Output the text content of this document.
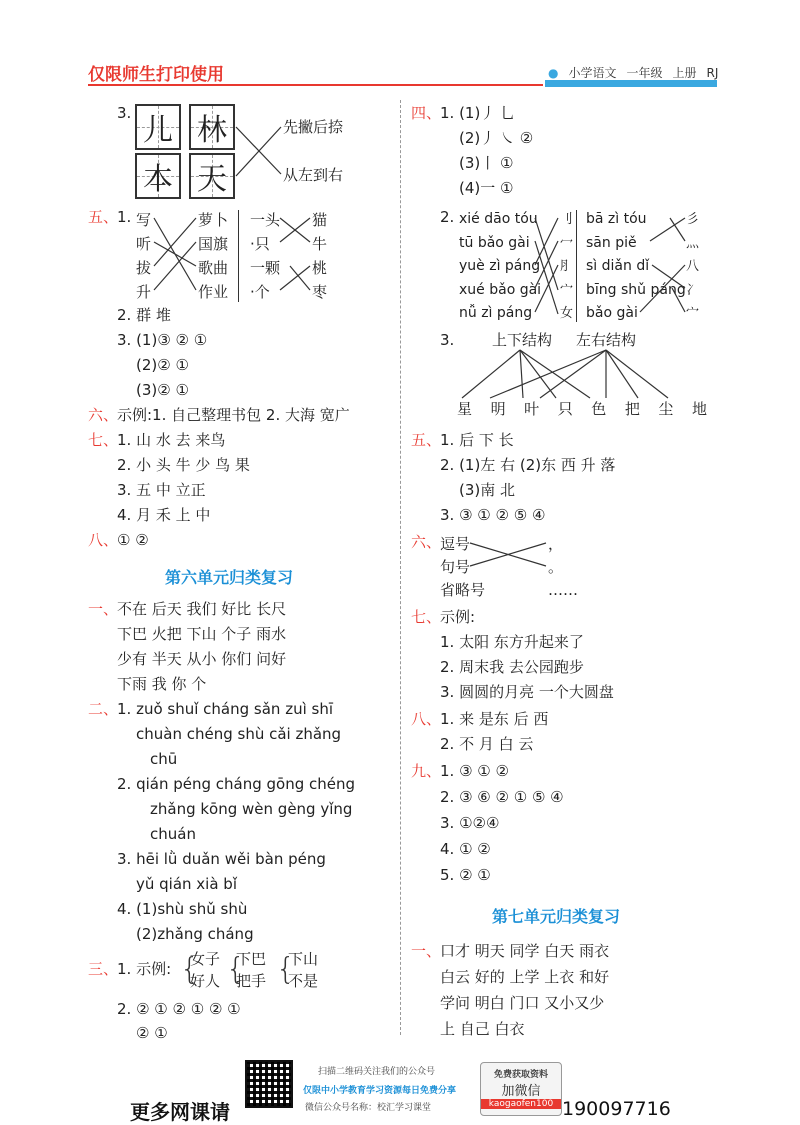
仅限师生打印使用	● 小学语文 一年级 上册 RJ
3. 儿 林
本 天
先撇后捺
从左到右
五、
1. 写
听
拔
升
萝卜
国旗
歌曲
作业
一头
·只
一颗
·个
猫
牛
桃
枣
2. 群 堆
3. (1)③ ② ①
(2)② ①
(3)② ①
六、
示例:1. 自己整理书包 2. 大海 宽广
七、
1. 山 水 去 来鸟
2. 小 头 牛 少 鸟 果
3. 五 中 立正
4. 月 禾 上 中
八、
① ②
第六单元归类复习
一、
不在 后天 我们 好比 长尺
下巴 火把 下山 个子 雨水
少有 半天 从小 你们 问好
下雨 我 你 个
二、
1. zuǒ shuǐ cháng sǎn zuì shī
chuàn chéng shù cǎi zhǎng
chū
2. qián péng cháng gōng chéng
zhǎng kōng wèn gèng yǐng
chuán
3. hēi lǜ duǎn wěi bàn péng
yǔ qián xià bǐ
4. (1)shù shǔ shù
(2)zhǎng cháng
三、
1. 示例: {
女子
好人 {
下巴
把手 {
下山
不是
2. ② ① ② ① ② ①
② ①
四、
1. (1)丿 乚
(2)丿 ㇏ ②
(3)丨 ①
(4)一 ①
2. xié dāo tóu
tū bǎo gài
yuè zì páng
xué bǎo gài
nǚ zì páng
刂
冖
⺼
宀
女
bā zì tóu
sān piě
sì diǎn dǐ
bīng shǔ páng
bǎo gài
彡
灬
八
冫
宀
3.	上下结构 左右结构
星 明 叶 只 色 把 尘 地
五、
1. 后 下 长
2. (1)左 右 (2)东 西 升 落
(3)南 北
3. ③ ① ② ⑤ ④
六、
逗号
句号
省略号
，
。
……
七、
示例:
1. 太阳 东方升起来了
2. 周末我 去公园跑步
3. 圆圆的月亮 一个大圆盘
八、
1. 来 是东 后 西
2. 不 月 白 云
九、
1. ③ ① ②
2. ③ ⑥ ② ① ⑤ ④
3. ①②④
4. ① ②
5. ② ①
第七单元归类复习
一、
口才 明天 同学 白天 雨衣
白云 好的 上学 上衣 和好
学问 明白 门口 又小又少
上 自己 白衣
更多网课请
扫描二维码关注我们的公众号
仅限中小学教育学习资源每日免费分享
微信公众号名称：校汇学习课堂
免费获取资料
加微信
kaogaofen100 190097716
